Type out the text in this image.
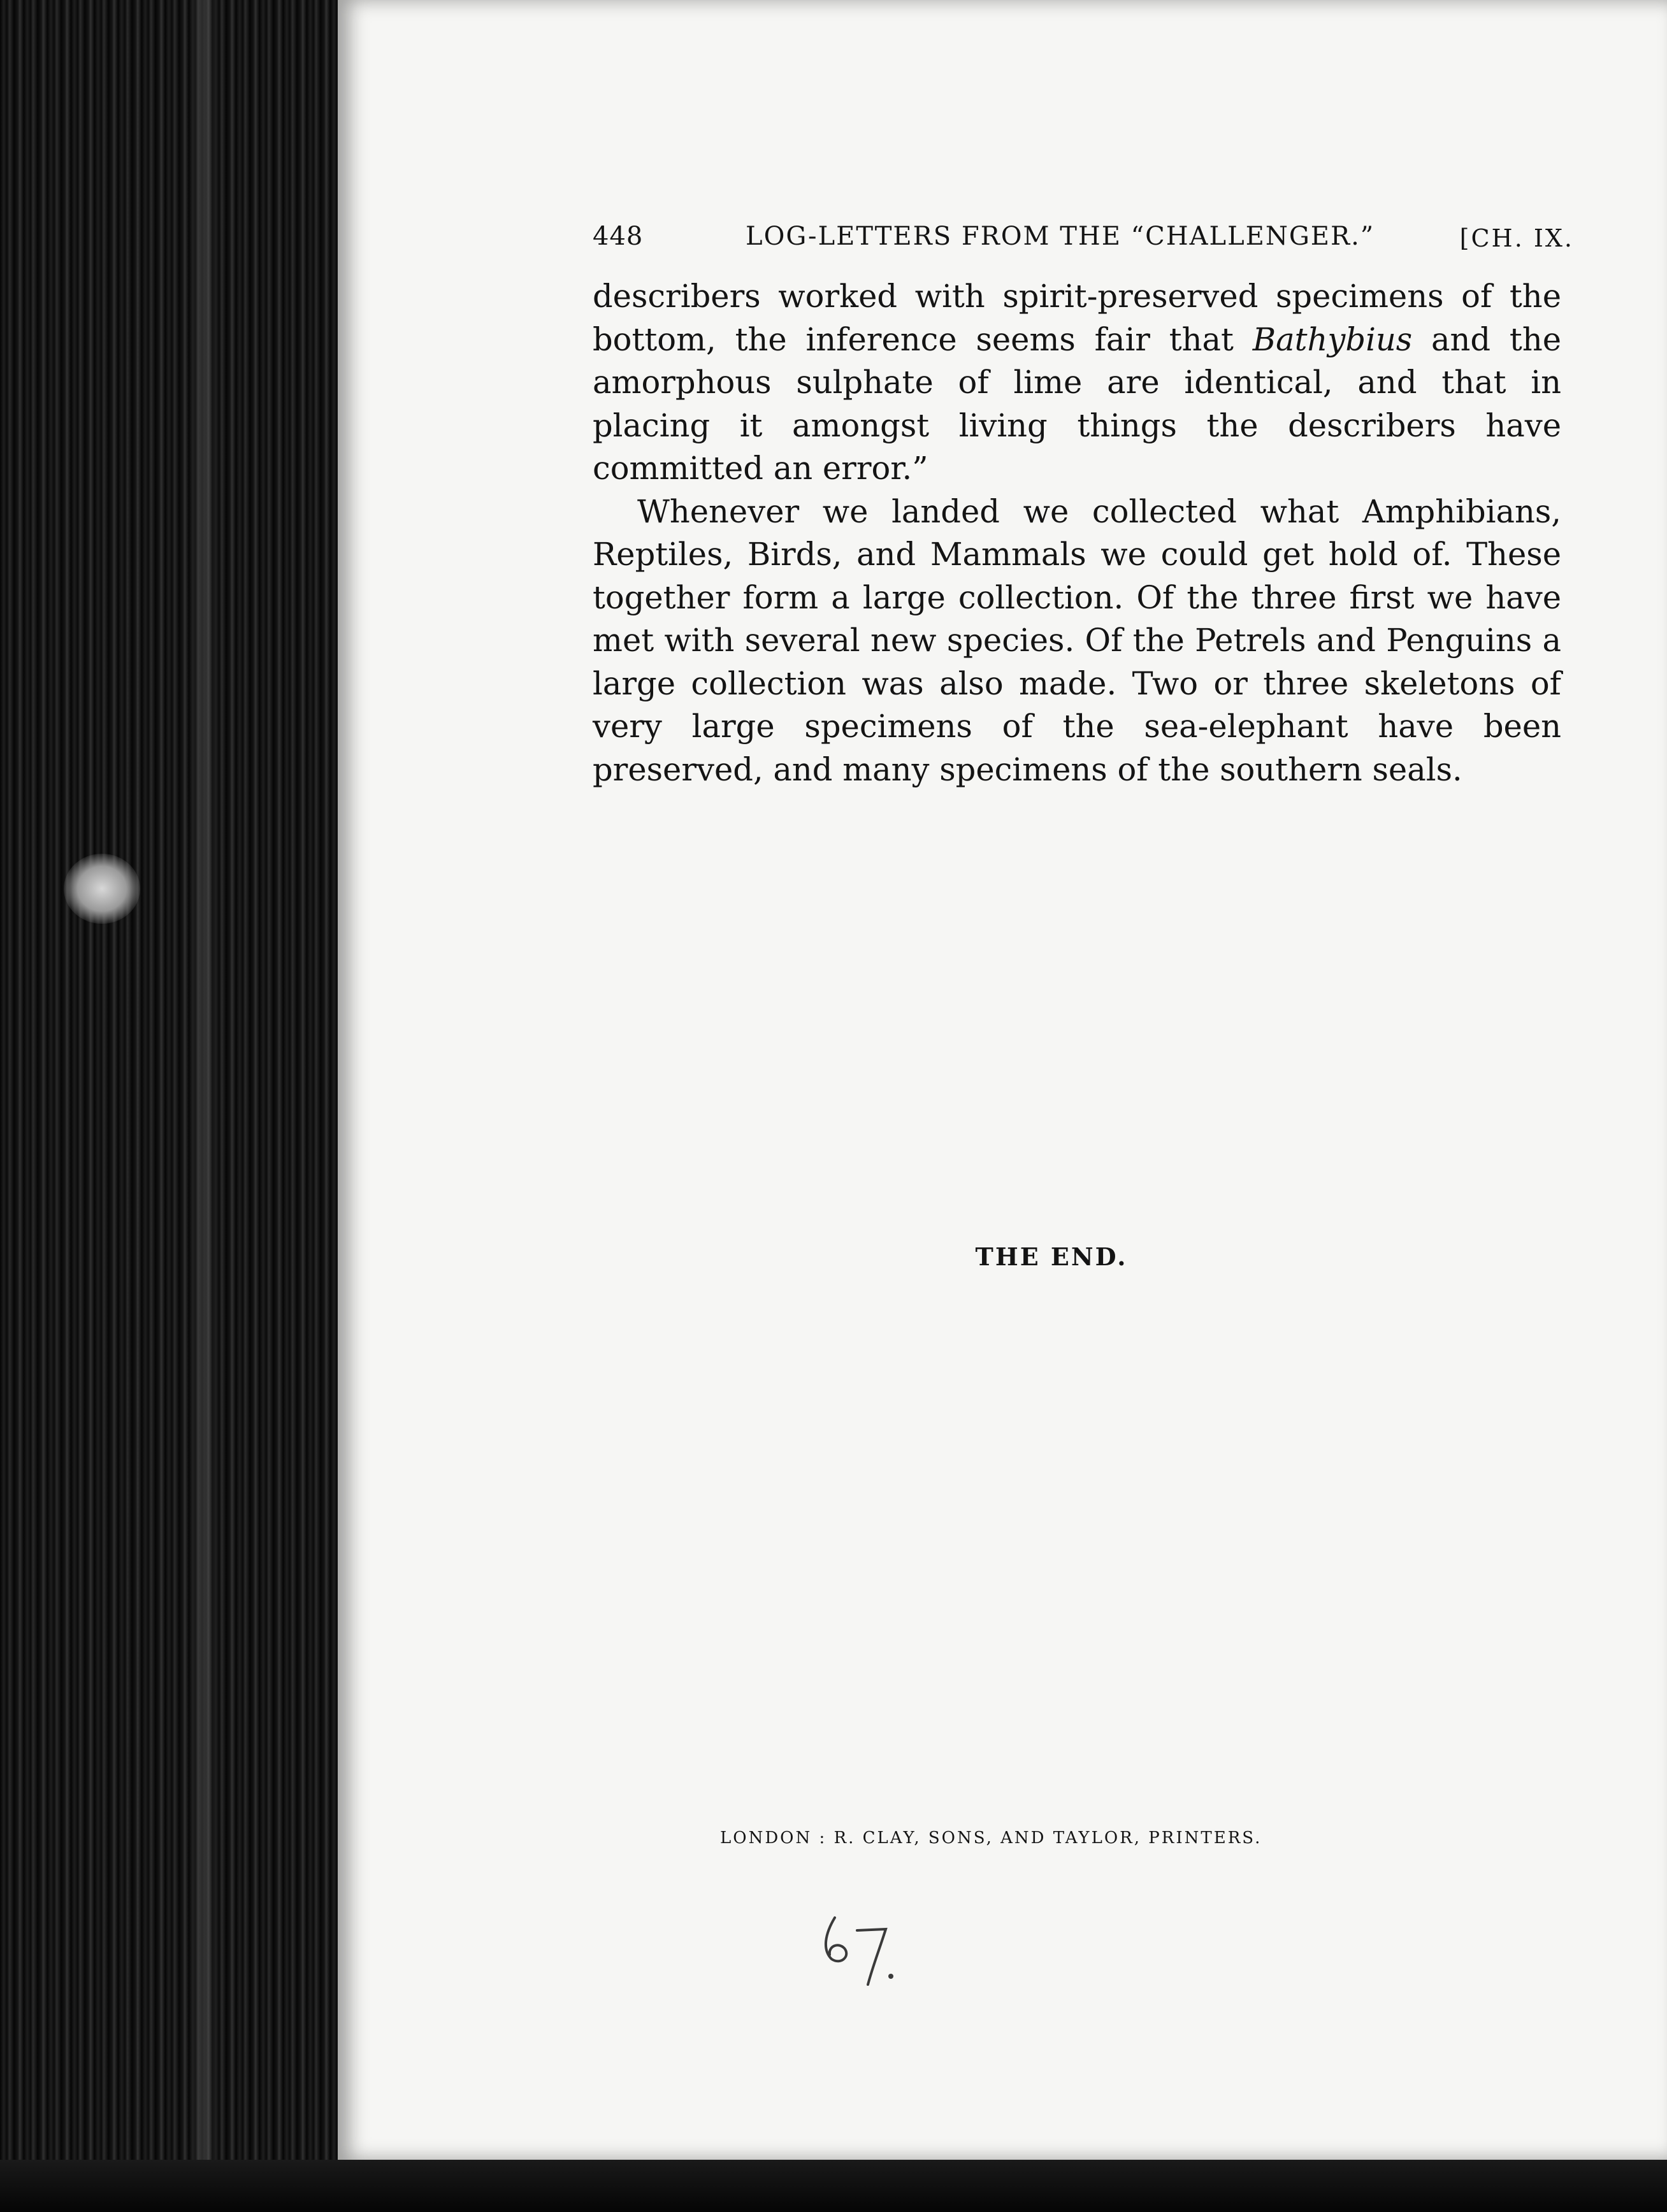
448	LOG-LETTERS FROM THE “CHALLENGER.”	[CH. IX.

describers worked with spirit-preserved specimens of the bottom, the inference seems fair that Bathybius and the amorphous sulphate of lime are identical, and that in placing it amongst living things the describers have committed an error.”

Whenever we landed we collected what Amphibians, Reptiles, Birds, and Mammals we could get hold of. These together form a large collection. Of the three first we have met with several new species. Of the Petrels and Penguins a large collection was also made. Two or three skeletons of very large specimens of the sea-elephant have been preserved, and many specimens of the southern seals.

THE END.
LONDON : R. CLAY, SONS, AND TAYLOR, PRINTERS.
